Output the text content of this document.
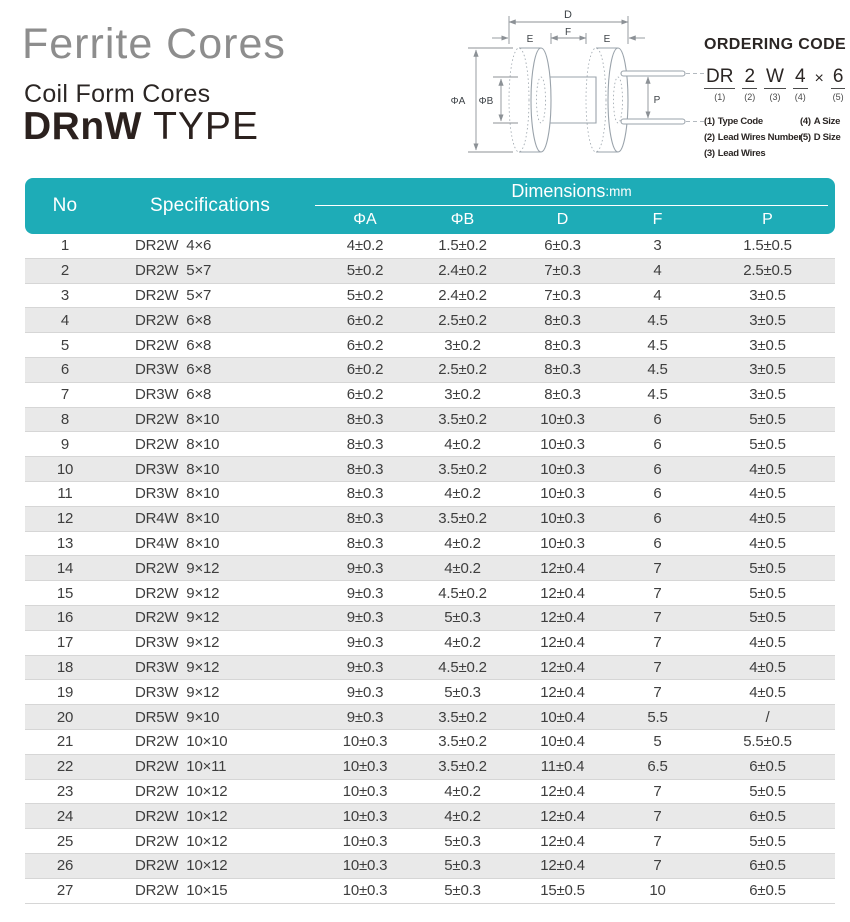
Ferrite Cores
Coil Form Cores
DRnW TYPE
D
E
F
E
ΦA ΦB	P
ORDERING CODE
DR
(1)
2
(2)
W
(3)
4
(4)
× 6
(5)
(1) Type Code
(2) Lead Wires Number
(3) Lead Wires
(4) A Size
(5) D Size
No	Specifications
Dimensions :mm
ΦA	ΦB	D	F	P
1	DR2W  4×6	4±0.2	1.5±0.2	6±0.3	3	1.5±0.5
2	DR2W  5×7	5±0.2	2.4±0.2	7±0.3	4	2.5±0.5
3	DR2W  5×7	5±0.2	2.4±0.2	7±0.3	4	3±0.5
4	DR2W  6×8	6±0.2	2.5±0.2	8±0.3	4.5	3±0.5
5	DR2W  6×8	6±0.2	3±0.2	8±0.3	4.5	3±0.5
6	DR3W  6×8	6±0.2	2.5±0.2	8±0.3	4.5	3±0.5
7	DR3W  6×8	6±0.2	3±0.2	8±0.3	4.5	3±0.5
8	DR2W  8×10	8±0.3	3.5±0.2	10±0.3	6	5±0.5
9	DR2W  8×10	8±0.3	4±0.2	10±0.3	6	5±0.5
10	DR3W  8×10	8±0.3	3.5±0.2	10±0.3	6	4±0.5
11	DR3W  8×10	8±0.3	4±0.2	10±0.3	6	4±0.5
12	DR4W  8×10	8±0.3	3.5±0.2	10±0.3	6	4±0.5
13	DR4W  8×10	8±0.3	4±0.2	10±0.3	6	4±0.5
14	DR2W  9×12	9±0.3	4±0.2	12±0.4	7	5±0.5
15	DR2W  9×12	9±0.3	4.5±0.2	12±0.4	7	5±0.5
16	DR2W  9×12	9±0.3	5±0.3	12±0.4	7	5±0.5
17	DR3W  9×12	9±0.3	4±0.2	12±0.4	7	4±0.5
18	DR3W  9×12	9±0.3	4.5±0.2	12±0.4	7	4±0.5
19	DR3W  9×12	9±0.3	5±0.3	12±0.4	7	4±0.5
20	DR5W  9×10	9±0.3	3.5±0.2	10±0.4	5.5	/
21	DR2W  10×10	10±0.3	3.5±0.2	10±0.4	5	5.5±0.5
22	DR2W  10×11	10±0.3	3.5±0.2	11±0.4	6.5	6±0.5
23	DR2W  10×12	10±0.3	4±0.2	12±0.4	7	5±0.5
24	DR2W  10×12	10±0.3	4±0.2	12±0.4	7	6±0.5
25	DR2W  10×12	10±0.3	5±0.3	12±0.4	7	5±0.5
26	DR2W  10×12	10±0.3	5±0.3	12±0.4	7	6±0.5
27	DR2W  10×15	10±0.3	5±0.3	15±0.5	10	6±0.5
